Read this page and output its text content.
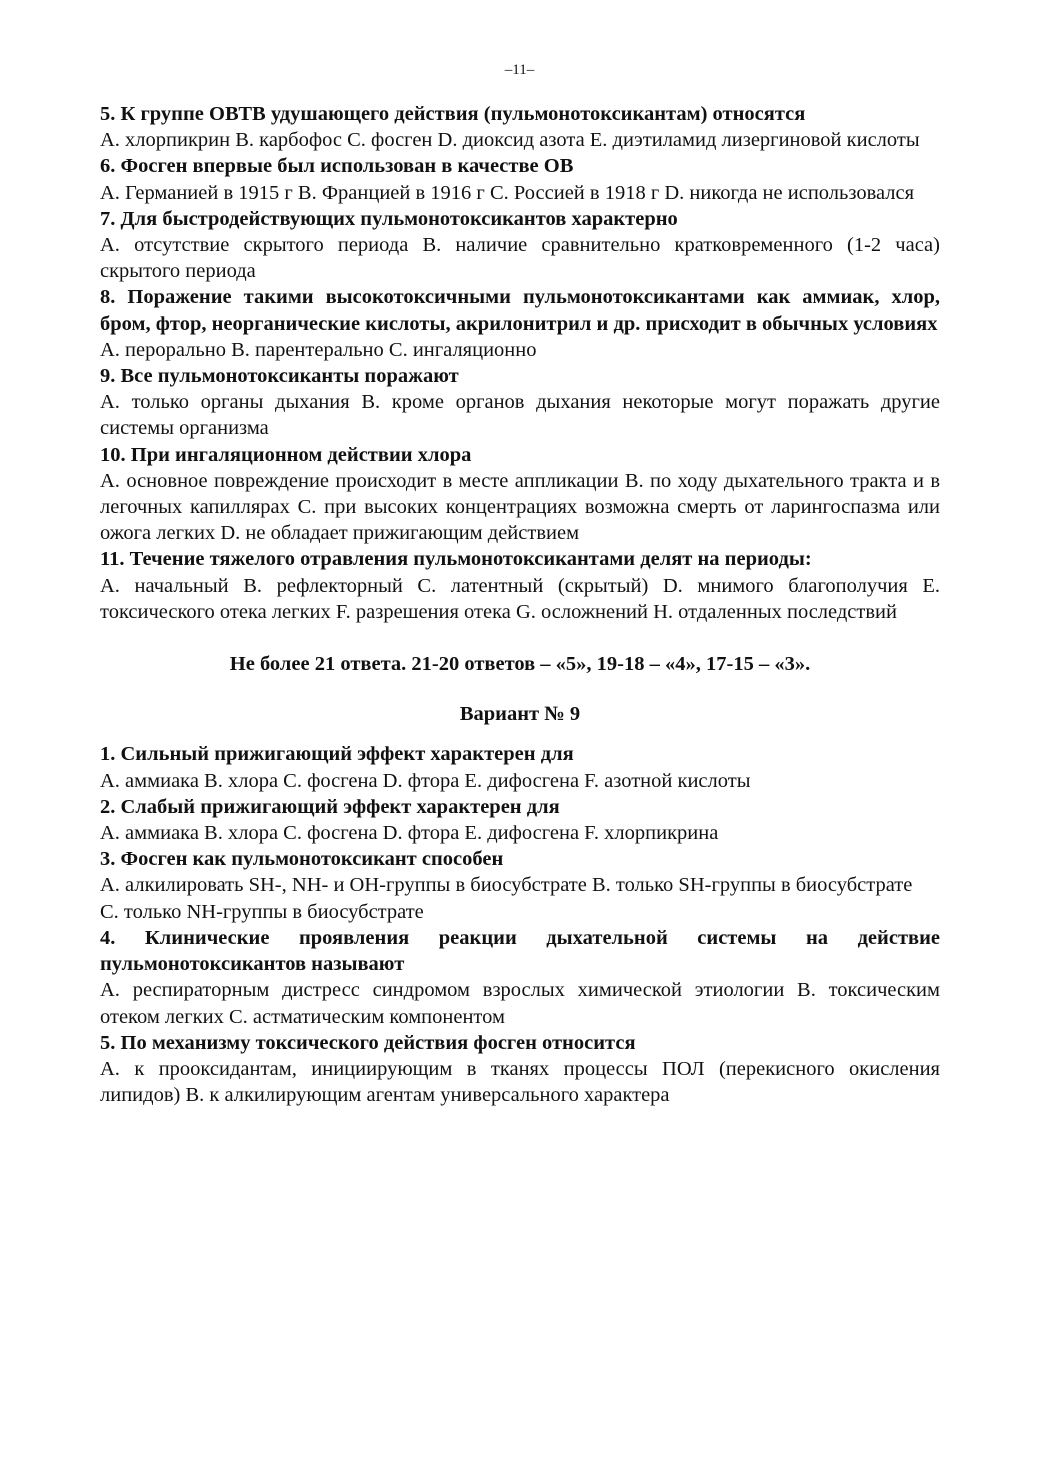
–11–
5. К группе ОВТВ удушающего действия (пульмонотоксикантам) относятся
A. хлорпикрин B. карбофос C. фосген D. диоксид азота E. диэтиламид лизергиновой кислоты
6. Фосген впервые был использован в качестве ОВ
A. Германией в 1915 г B. Францией в 1916 г C. Россией в 1918 г D. никогда не использовался
7. Для быстродействующих пульмонотоксикантов характерно
A. отсутствие скрытого периода B. наличие сравнительно кратковременного (1-2 часа) скрытого периода
8. Поражение такими высокотоксичными пульмонотоксикантами как аммиак, хлор, бром, фтор, неорганические кислоты, акрилонитрил и др. присходит в обычных условиях
A. перорально B. парентерально C. ингаляционно
9. Все пульмонотоксиканты поражают
A. только органы дыхания B. кроме органов дыхания некоторые могут поражать другие системы организма
10. При ингаляционном действии хлора
A. основное повреждение происходит в месте аппликации B. по ходу дыхательного тракта и в легочных капиллярах C. при высоких концентрациях возможна смерть от ларингоспазма или ожога легких D. не обладает прижигающим действием
11. Течение тяжелого отравления пульмонотоксикантами делят на периоды:
A. начальный B. рефлекторный C. латентный (скрытый) D. мнимого благополучия E. токсического отека легких F. разрешения отека G. осложнений H. отдаленных последствий
Не более 21 ответа. 21-20 ответов – «5», 19-18 – «4», 17-15 – «3».
Вариант № 9
1. Сильный прижигающий эффект характерен для
A. аммиака B. хлора C. фосгена D. фтора E. дифосгена F. азотной кислоты
2. Слабый прижигающий эффект характерен для
A. аммиака B. хлора C. фосгена D. фтора E. дифосгена F. хлорпикрина
3. Фосген как пульмонотоксикант способен
A. алкилировать SH-, NH- и OH-группы в биосубстрате B. только SH-группы в биосубстрате
C. только NH-группы в биосубстрате
4. Клинические проявления реакции дыхательной системы на действие пульмонотоксикантов называют
A. респираторным дистресс синдромом взрослых химической этиологии B. токсическим отеком легких C. астматическим компонентом
5. По механизму токсического действия фосген относится
A. к прооксидантам, инициирующим в тканях процессы ПОЛ (перекисного окисления липидов) B. к алкилирующим агентам универсального характера
